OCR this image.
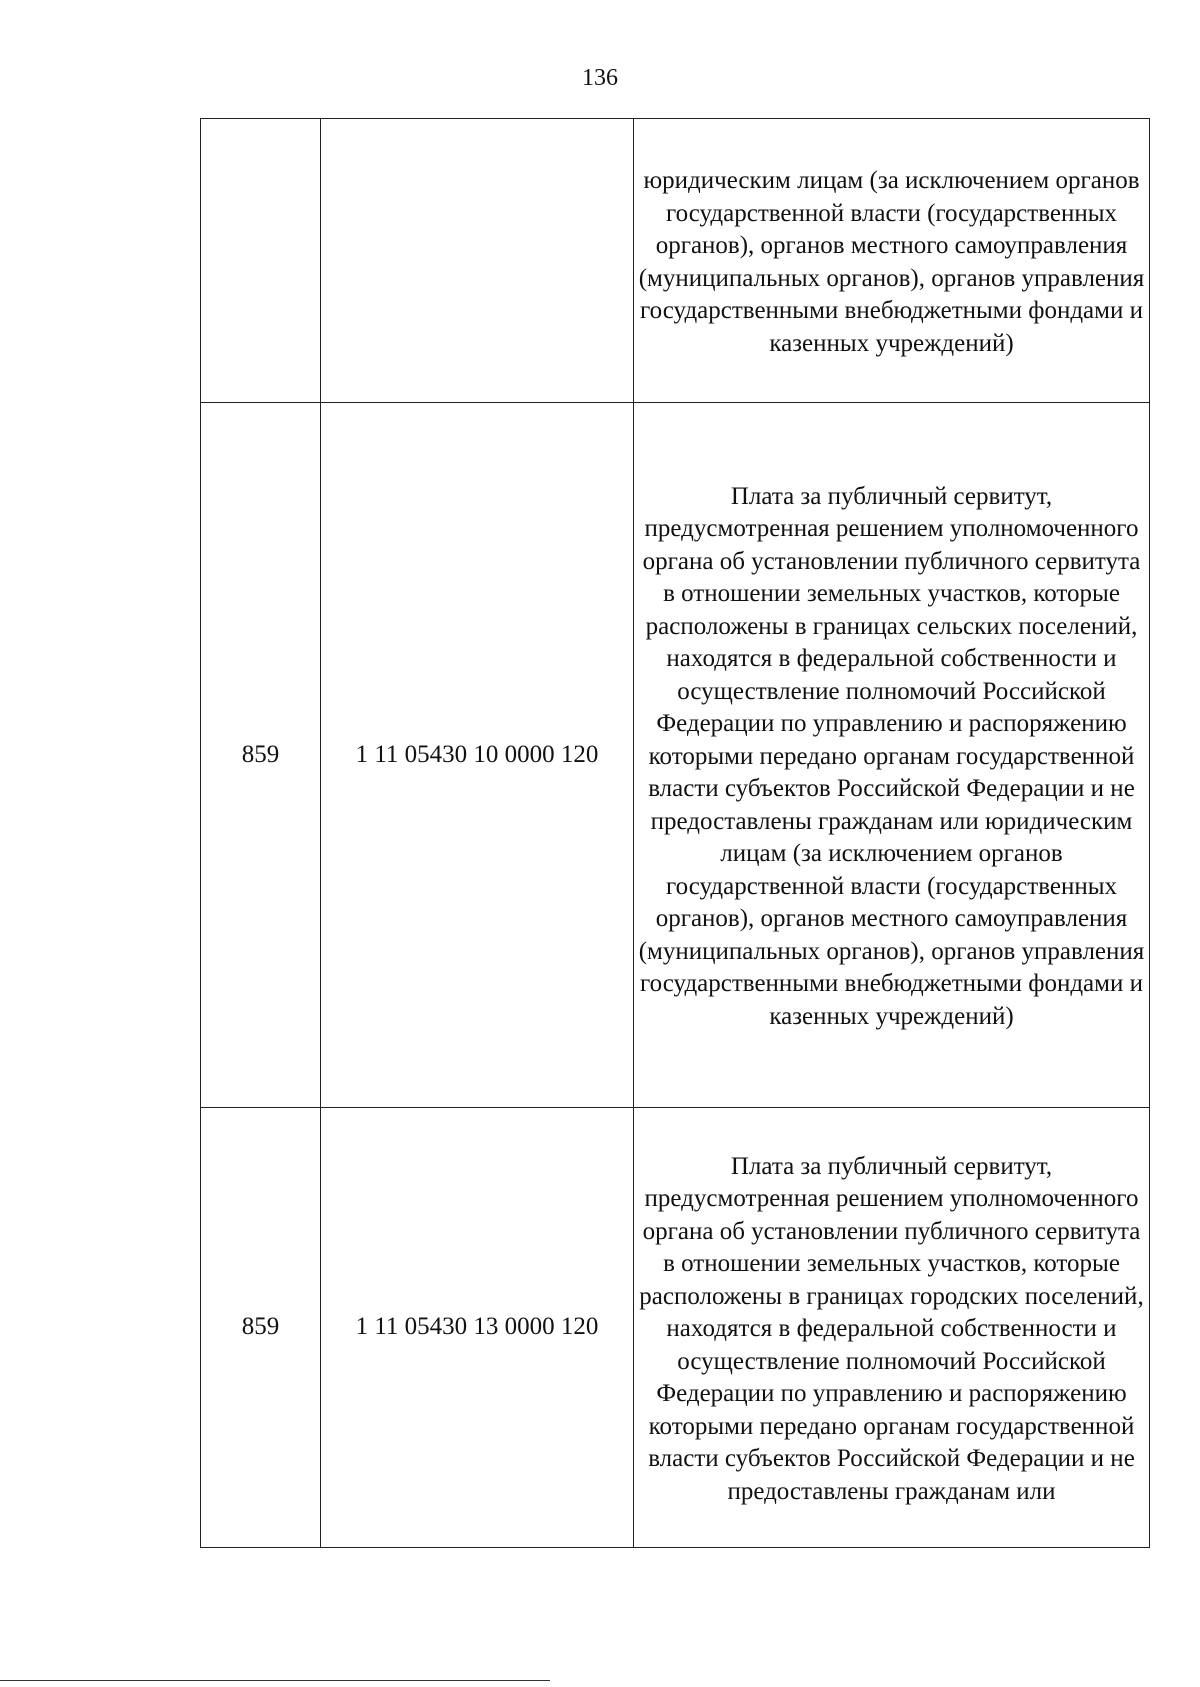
136
		юридическим лицам (за исключением органов государственной власти (государственных органов), органов местного самоуправления (муниципальных органов), органов управления государственными внебюджетными фондами и казенных учреждений)
859	1 11 05430 10 0000 120	Плата за публичный сервитут, предусмотренная решением уполномоченного органа об установлении публичного сервитута в отношении земельных участков, которые расположены в границах сельских поселений, находятся в федеральной собственности и осуществление полномочий Российской Федерации по управлению и распоряжению которыми передано органам государственной власти субъектов Российской Федерации и не предоставлены гражданам или юридическим лицам (за исключением органов государственной власти (государственных органов), органов местного самоуправления (муниципальных органов), органов управления государственными внебюджетными фондами и казенных учреждений)
859	1 11 05430 13 0000 120	Плата за публичный сервитут, предусмотренная решением уполномоченного органа об установлении публичного сервитута в отношении земельных участков, которые расположены в границах городских поселений, находятся в федеральной собственности и осуществление полномочий Российской Федерации по управлению и распоряжению которыми передано органам государственной власти субъектов Российской Федерации и не предоставлены гражданам или
